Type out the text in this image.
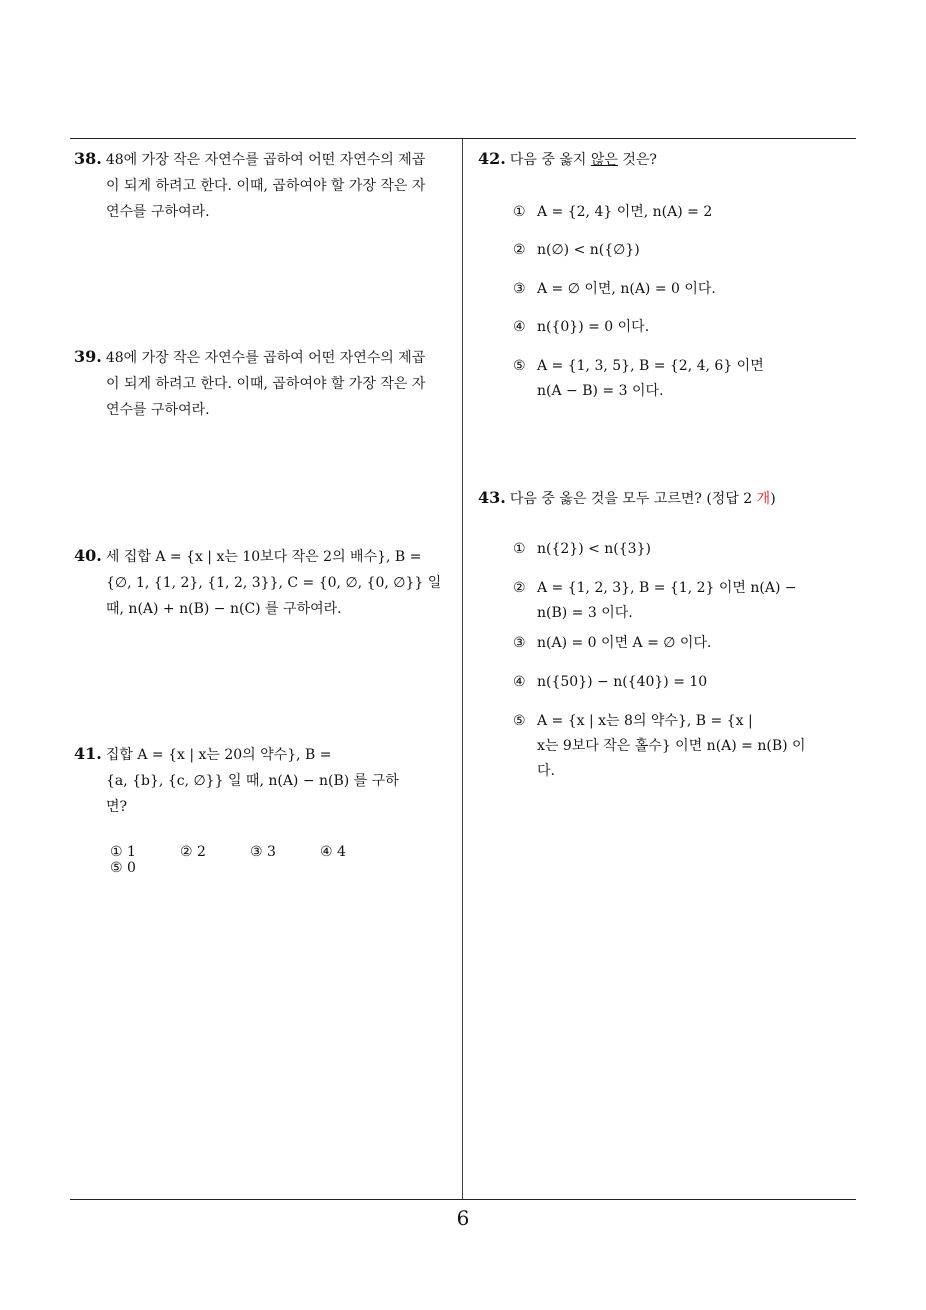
38. 48에 가장 작은 자연수를 곱하여 어떤 자연수의 제곱
이 되게 하려고 한다. 이때, 곱하여야 할 가장 작은 자
연수를 구하여라.
39. 48에 가장 작은 자연수를 곱하여 어떤 자연수의 제곱
이 되게 하려고 한다. 이때, 곱하여야 할 가장 작은 자
연수를 구하여라.
40. 세 집합 A = {x | x는 10보다 작은 2의 배수}, B =
{∅, 1, {1, 2}, {1, 2, 3}}, C = {0, ∅, {0, ∅}} 일
때, n(A) + n(B) − n(C) 를 구하여라.
41. 집합 A = {x | x는 20의 약수}, B =
{a, {b}, {c, ∅}} 일 때, n(A) − n(B) 를 구하
면?
① 1	② 2	③ 3	④ 4⑤ 0
42. 다음 중 옳지 않은 것은?
① A = {2, 4} 이면, n(A) = 2
② n(∅) < n({∅})
③ A = ∅ 이면, n(A) = 0 이다.
④ n({0}) = 0 이다.
⑤ A = {1, 3, 5}, B = {2, 4, 6} 이면
n(A − B) = 3 이다.
43. 다음 중 옳은 것을 모두 고르면? (정답 2 개)
① n({2}) < n({3})
② A = {1, 2, 3}, B = {1, 2} 이면 n(A) −
n(B) = 3 이다.
③ n(A) = 0 이면 A = ∅ 이다.
④ n({50}) − n({40}) = 10
⑤ A = {x | x는 8의 약수}, B = {x |
x는 9보다 작은 홀수} 이면 n(A) = n(B) 이
다.
6
